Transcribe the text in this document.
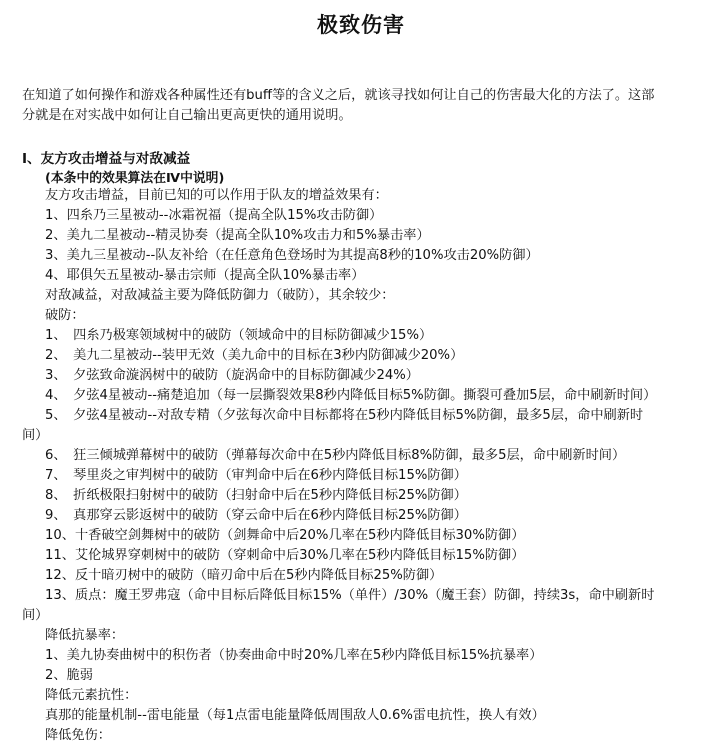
极致伤害
在知道了如何操作和游戏各种属性还有buff等的含义之后，就该寻找如何让自己的伤害最大化的方法了。这部
分就是在对实战中如何让自己输出更高更快的通用说明。
Ⅰ、友方攻击增益与对敌减益
(本条中的效果算法在Ⅳ中说明)
友方攻击增益，目前已知的可以作用于队友的增益效果有：
1、四糸乃三星被动--冰霜祝福（提高全队15%攻击防御）
2、美九二星被动--精灵协奏（提高全队10%攻击力和5%暴击率）
3、美九三星被动--队友补给（在任意角色登场时为其提高8秒的10%攻击20%防御）
4、耶俱矢五星被动-暴击宗师（提高全队10%暴击率）
对敌减益，对敌减益主要为降低防御力（破防），其余较少：
破防：
1、　四糸乃极寒领域树中的破防（领域命中的目标防御减少15%）
2、　美九二星被动--装甲无效（美九命中的目标在3秒内防御减少20%）
3、　夕弦致命漩涡树中的破防（旋涡命中的目标防御减少24%）
4、　夕弦4星被动--痛楚追加（每一层撕裂效果8秒内降低目标5%防御。撕裂可叠加5层，命中刷新时间）
5、　夕弦4星被动--对敌专精（夕弦每次命中目标都将在5秒内降低目标5%防御，最多5层，命中刷新时
间）
6、　狂三倾城弹幕树中的破防（弹幕每次命中在5秒内降低目标8%防御，最多5层，命中刷新时间）
7、　琴里炎之审判树中的破防（审判命中后在6秒内降低目标15%防御）
8、　折纸极限扫射树中的破防（扫射命中后在5秒内降低目标25%防御）
9、　真那穿云影返树中的破防（穿云命中后在6秒内降低目标25%防御）
10、十香破空剑舞树中的破防（剑舞命中后20%几率在5秒内降低目标30%防御）
11、艾伦城界穿刺树中的破防（穿刺命中后30%几率在5秒内降低目标15%防御）
12、反十暗刃树中的破防（暗刃命中后在5秒内降低目标25%防御）
13、质点：魔王罗弗寇（命中目标后降低目标15%（单件）/30%（魔王套）防御，持续3s，命中刷新时
间）
降低抗暴率：
1、美九协奏曲树中的积伤者（协奏曲命中时20%几率在5秒内降低目标15%抗暴率）
2、脆弱
降低元素抗性：
真那的能量机制--雷电能量（每1点雷电能量降低周围敌人0.6%雷电抗性，换人有效）
降低免伤：
